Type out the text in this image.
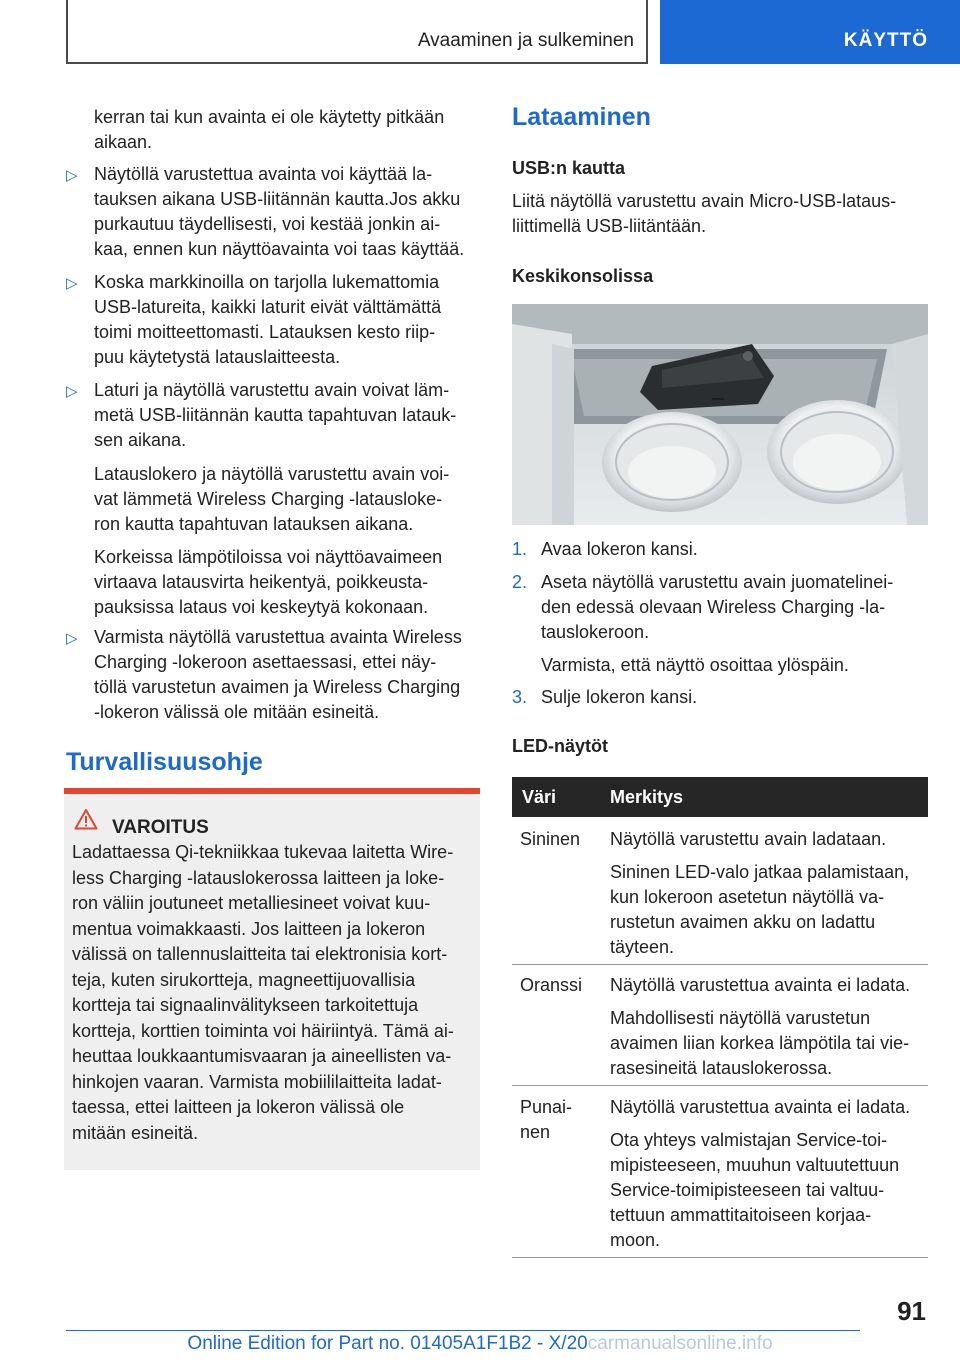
Avaaminen ja sulkeminen	KÄYTTÖ
kerran tai kun avainta ei ole käytetty pitkään
aikaan.
▷ Näytöllä varustettua avainta voi käyttää la-
tauksen aikana USB-liitännän kautta.Jos akku
purkautuu täydellisesti, voi kestää jonkin ai-
kaa, ennen kun näyttöavainta voi taas käyttää.
▷ Koska markkinoilla on tarjolla lukemattomia
USB-latureita, kaikki laturit eivät välttämättä
toimi moitteettomasti. Latauksen kesto riip-
puu käytetystä latauslaitteesta.
▷ Laturi ja näytöllä varustettu avain voivat läm-
metä USB-liitännän kautta tapahtuvan latauk-
sen aikana.
Latauslokero ja näytöllä varustettu avain voi-
vat lämmetä Wireless Charging -latausloke-
ron kautta tapahtuvan latauksen aikana.
Korkeissa lämpötiloissa voi näyttöavaimeen
virtaava latausvirta heikentyä, poikkeusta-
pauksissa lataus voi keskeytyä kokonaan.
▷ Varmista näytöllä varustettua avainta Wireless
Charging -lokeroon asettaessasi, ettei näy-
töllä varustetun avaimen ja Wireless Charging
-lokeron välissä ole mitään esineitä.
Turvallisuusohje
VAROITUS
Ladattaessa Qi-tekniikkaa tukevaa laitetta Wire-
less Charging -latauslokerossa laitteen ja loke-
ron väliin joutuneet metalliesineet voivat kuu-
mentua voimakkaasti. Jos laitteen ja lokeron
välissä on tallennuslaitteita tai elektronisia kort-
teja, kuten sirukortteja, magneettijuovallisia
kortteja tai signaalinvälitykseen tarkoitettuja
kortteja, korttien toiminta voi häiriintyä. Tämä ai-
heuttaa loukkaantumisvaaran ja aineellisten va-
hinkojen vaaran. Varmista mobiililaitteita ladat-
taessa, ettei laitteen ja lokeron välissä ole
mitään esineitä.
Lataaminen
USB:n kautta
Liitä näytöllä varustettu avain Micro-USB-lataus-
liittimellä USB-liitäntään.
Keskikonsolissa
1. Avaa lokeron kansi.
2. Aseta näytöllä varustettu avain juomatelinei-
den edessä olevaan Wireless Charging -la-
tauslokeroon.
Varmista, että näyttö osoittaa ylöspäin.
3. Sulje lokeron kansi.
LED-näytöt
Väri	Merkitys
Sininen Näytöllä varustettu avain ladataan.
Sininen LED-valo jatkaa palamistaan,
kun lokeroon asetetun näytöllä va-
rustetun avaimen akku on ladattu
täyteen.
Oranssi Näytöllä varustettua avainta ei ladata.
Mahdollisesti näytöllä varustetun
avaimen liian korkea lämpötila tai vie-
rasesineitä latauslokerossa.
Punai-
nen
Näytöllä varustettua avainta ei ladata.
Ota yhteys valmistajan Service-toi-
mipisteeseen, muuhun valtuutettuun
Service-toimipisteeseen tai valtuu-
tettuun ammattitaitoiseen korjaa-
moon.
91
Online Edition for Part no. 01405A1F1B2 - X/20carmanualsonline.info
